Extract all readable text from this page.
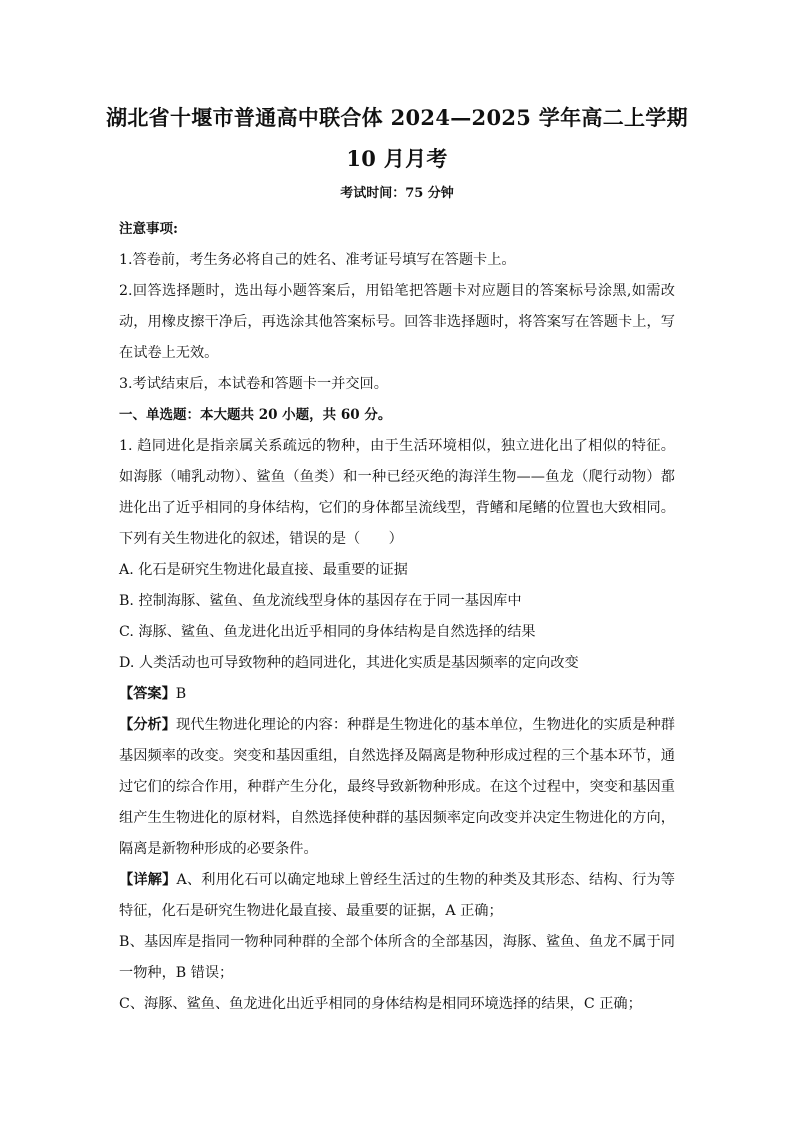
湖北省十堰市普通高中联合体 2024—2025 学年高二上学期
10 月月考
考试时间：75 分钟

注意事项:

1.答卷前，考生务必将自己的姓名、准考证号填写在答题卡上。

2.回答选择题时，选出每小题答案后，用铅笔把答题卡对应题目的答案标号涂黑,如需改动，用橡皮擦干净后，再选涂其他答案标号。回答非选择题时，将答案写在答题卡上，写在试卷上无效。

3.考试结束后，本试卷和答题卡一并交回。

一、单选题：本大题共 20 小题，共 60 分。

1. 趋同进化是指亲属关系疏远的物种，由于生活环境相似，独立进化出了相似的特征。如海豚（哺乳动物）、鲨鱼（鱼类）和一种已经灭绝的海洋生物——鱼龙（爬行动物）都进化出了近乎相同的身体结构，它们的身体都呈流线型，背鳍和尾鳍的位置也大致相同。下列有关生物进化的叙述，错误的是（　　）

A. 化石是研究生物进化最直接、最重要的证据

B. 控制海豚、鲨鱼、鱼龙流线型身体的基因存在于同一基因库中

C. 海豚、鲨鱼、鱼龙进化出近乎相同的身体结构是自然选择的结果

D. 人类活动也可导致物种的趋同进化，其进化实质是基因频率的定向改变

【答案】B

【分析】现代生物进化理论的内容：种群是生物进化的基本单位，生物进化的实质是种群基因频率的改变。突变和基因重组，自然选择及隔离是物种形成过程的三个基本环节，通过它们的综合作用，种群产生分化，最终导致新物种形成。在这个过程中，突变和基因重组产生生物进化的原材料，自然选择使种群的基因频率定向改变并决定生物进化的方向，隔离是新物种形成的必要条件。

【详解】A、利用化石可以确定地球上曾经生活过的生物的种类及其形态、结构、行为等特征，化石是研究生物进化最直接、最重要的证据，A 正确；

B、基因库是指同一物种同种群的全部个体所含的全部基因，海豚、鲨鱼、鱼龙不属于同一物种，B 错误；

C、海豚、鲨鱼、鱼龙进化出近乎相同的身体结构是相同环境选择的结果，C 正确；
